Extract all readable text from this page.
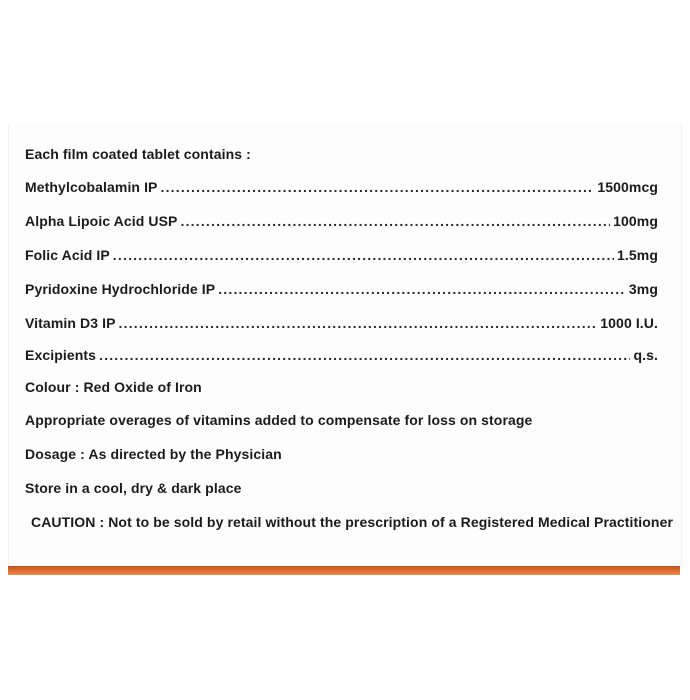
Each film coated tablet contains :
Methylcobalamin IP .....	1500mcg
Alpha Lipoic Acid USP .....	100mg
Folic Acid IP .....	1.5mg
Pyridoxine Hydrochloride IP .....	3mg
Vitamin D3 IP .....	1000 I.U.
Excipients .....	q.s.
Colour : Red Oxide of Iron
Appropriate overages of vitamins added to compensate for loss on storage
Dosage : As directed by the Physician
Store in a cool, dry & dark place
CAUTION : Not to be sold by retail without the prescription of a Registered Medical Practitioner
